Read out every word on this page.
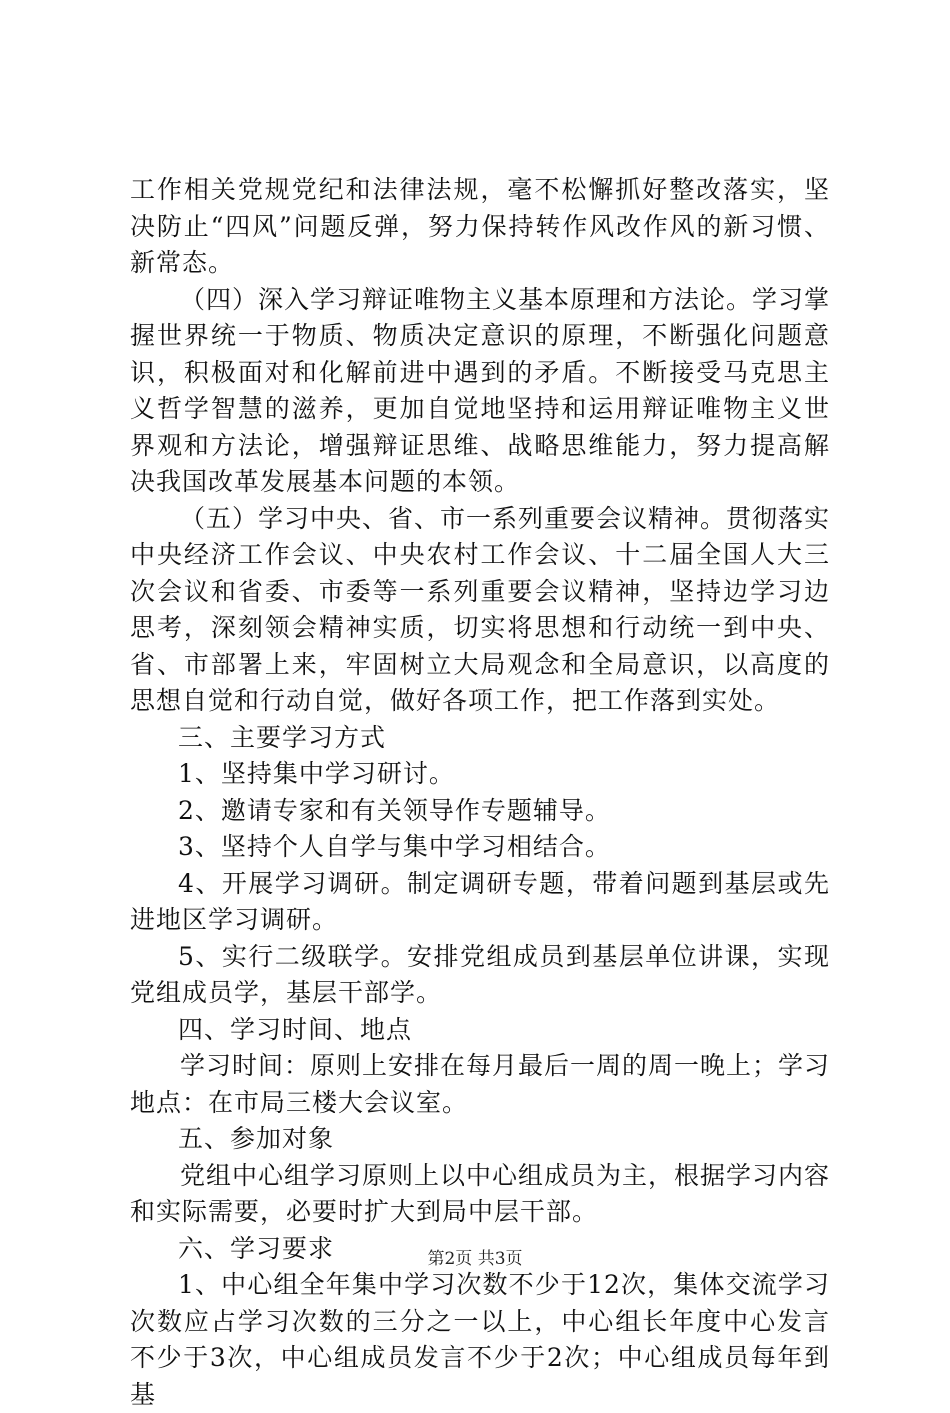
工作相关党规党纪和法律法规，毫不松懈抓好整改落实，坚决防止“四风”问题反弹，努力保持转作风改作风的新习惯、新常态。

（四）深入学习辩证唯物主义基本原理和方法论。学习掌握世界统一于物质、物质决定意识的原理，不断强化问题意识，积极面对和化解前进中遇到的矛盾。不断接受马克思主义哲学智慧的滋养，更加自觉地坚持和运用辩证唯物主义世界观和方法论，增强辩证思维、战略思维能力，努力提高解决我国改革发展基本问题的本领。

（五）学习中央、省、市一系列重要会议精神。贯彻落实中央经济工作会议、中央农村工作会议、十二届全国人大三次会议和省委、市委等一系列重要会议精神，坚持边学习边思考，深刻领会精神实质，切实将思想和行动统一到中央、省、市部署上来，牢固树立大局观念和全局意识，以高度的思想自觉和行动自觉，做好各项工作，把工作落到实处。

三、主要学习方式

1、坚持集中学习研讨。

2、邀请专家和有关领导作专题辅导。

3、坚持个人自学与集中学习相结合。

4、开展学习调研。制定调研专题，带着问题到基层或先进地区学习调研。

5、实行二级联学。安排党组成员到基层单位讲课，实现党组成员学，基层干部学。

四、学习时间、地点

学习时间：原则上安排在每月最后一周的周一晚上；学习地点：在市局三楼大会议室。

五、参加对象

党组中心组学习原则上以中心组成员为主，根据学习内容和实际需要，必要时扩大到局中层干部。

六、学习要求

1、中心组全年集中学习次数不少于12次，集体交流学习次数应占学习次数的三分之一以上，中心组长年度中心发言不少于3次，中心组成员发言不少于2次；中心组成员每年到基

第2页 共3页
